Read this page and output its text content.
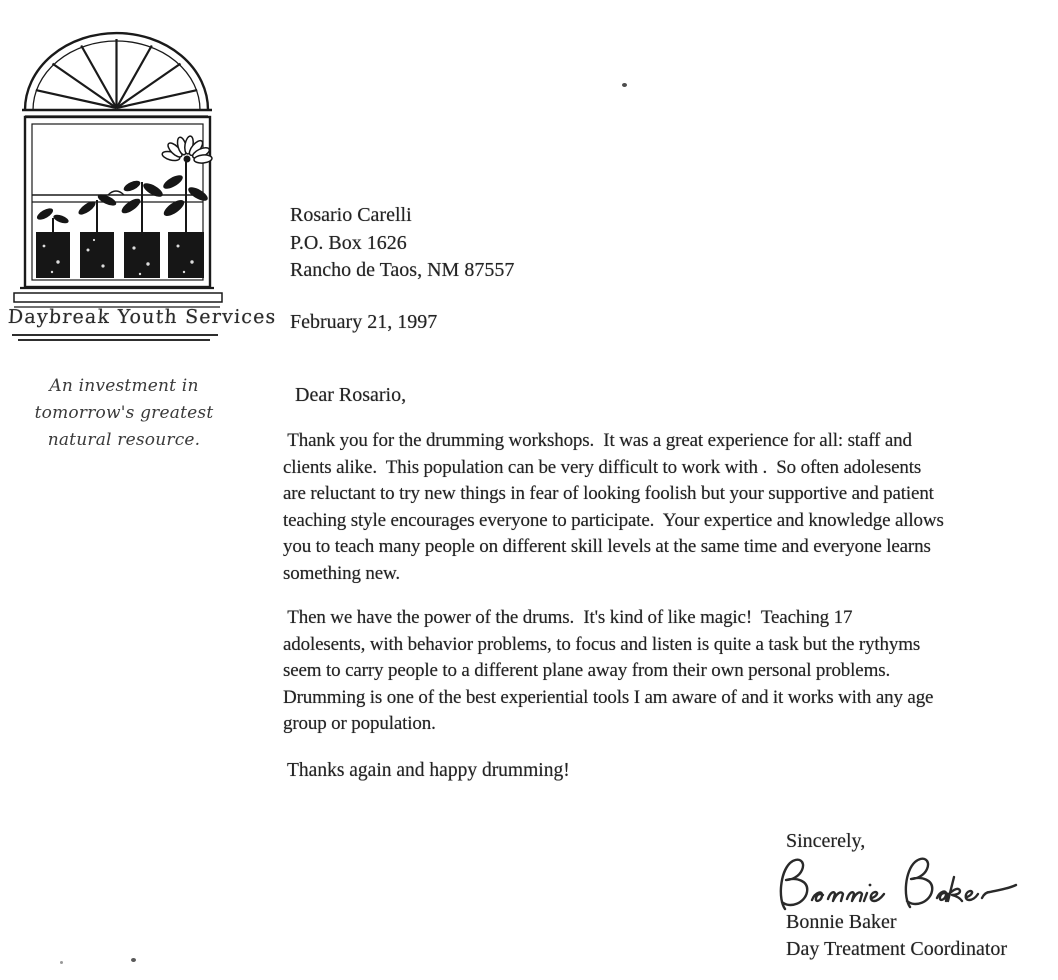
Daybreak Youth Services
An investment in
tomorrow's greatest
natural resource.
Rosario Carelli
P.O. Box 1626
Rancho de Taos, NM 87557
February 21, 1997
Dear Rosario,
Thank you for the drumming workshops.  It was a great experience for all: staff and
clients alike.  This population can be very difficult to work with .  So often adolesents
are reluctant to try new things in fear of looking foolish but your supportive and patient
teaching style encourages everyone to participate.  Your expertice and knowledge allows
you to teach many people on different skill levels at the same time and everyone learns
something new.
Then we have the power of the drums.  It's kind of like magic!  Teaching 17
adolesents, with behavior problems, to focus and listen is quite a task but the rythyms
seem to carry people to a different plane away from their own personal problems.
Drumming is one of the best experiential tools I am aware of and it works with any age
group or population.
Thanks again and happy drumming!
Sincerely,
Bonnie Baker
Day Treatment Coordinator
